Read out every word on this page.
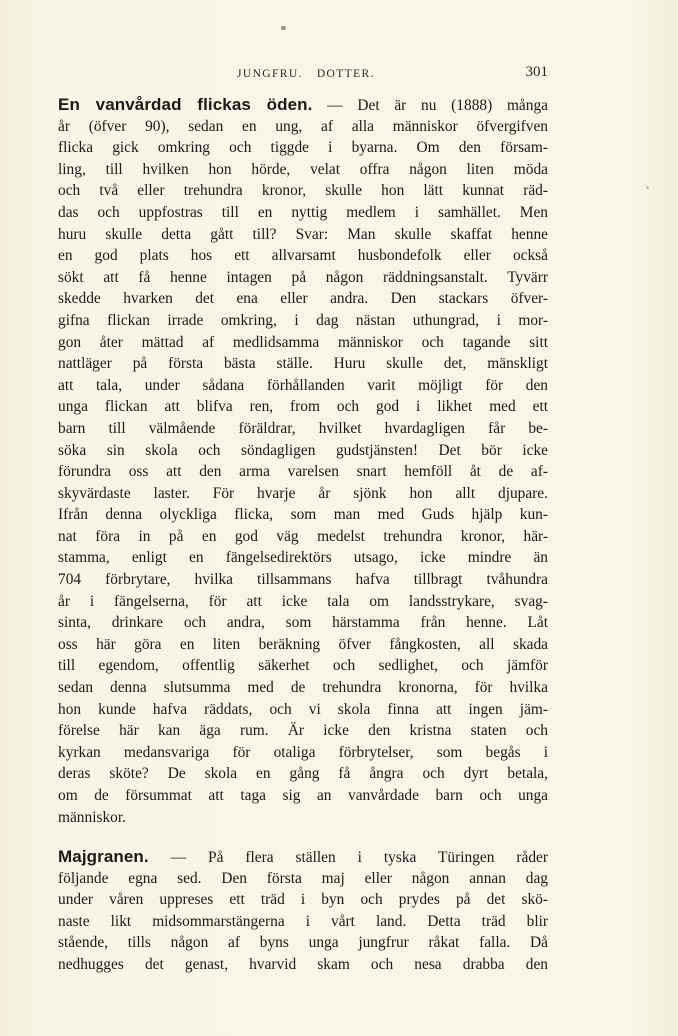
JUNGFRU. DOTTER.	301
En vanvårdad flickas öden. — Det är nu (1888) många
år (öfver 90), sedan en ung, af alla människor öfvergifven
flicka gick omkring och tiggde i byarna. Om den försam-
ling, till hvilken hon hörde, velat offra någon liten möda
och två eller trehundra kronor, skulle hon lätt kunnat räd-
das och uppfostras till en nyttig medlem i samhället. Men
huru skulle detta gått till? Svar: Man skulle skaffat henne
en god plats hos ett allvarsamt husbondefolk eller också
sökt att få henne intagen på någon räddningsanstalt. Tyvärr
skedde hvarken det ena eller andra. Den stackars öfver-
gifna flickan irrade omkring, i dag nästan uthungrad, i mor-
gon åter mättad af medlidsamma människor och tagande sitt
nattläger på första bästa ställe. Huru skulle det, mänskligt
att tala, under sådana förhållanden varit möjligt för den
unga flickan att blifva ren, from och god i likhet med ett
barn till välmående föräldrar, hvilket hvardagligen får be-
söka sin skola och söndagligen gudstjänsten! Det bör icke
förundra oss att den arma varelsen snart hemföll åt de af-
skyvärdaste laster. För hvarje år sjönk hon allt djupare.
Ifrån denna olyckliga flicka, som man med Guds hjälp kun-
nat föra in på en god väg medelst trehundra kronor, här-
stamma, enligt en fängelsedirektörs utsago, icke mindre än
704 förbrytare, hvilka tillsammans hafva tillbragt tvåhundra
år i fängelserna, för att icke tala om landsstrykare, svag-
sinta, drinkare och andra, som härstamma från henne. Låt
oss här göra en liten beräkning öfver fångkosten, all skada
till egendom, offentlig säkerhet och sedlighet, och jämför
sedan denna slutsumma med de trehundra kronorna, för hvilka
hon kunde hafva räddats, och vi skola finna att ingen jäm-
förelse här kan äga rum. Är icke den kristna staten och
kyrkan medansvariga för otaliga förbrytelser, som begås i
deras sköte? De skola en gång få ångra och dyrt betala,
om de försummat att taga sig an vanvårdade barn och unga
människor.
Majgranen. — På flera ställen i tyska Türingen råder
följande egna sed. Den första maj eller någon annan dag
under våren uppreses ett träd i byn och prydes på det skö-
naste likt midsommarstängerna i vårt land. Detta träd blir
stående, tills någon af byns unga jungfrur råkat falla. Då
nedhugges det genast, hvarvid skam och nesa drabba den
